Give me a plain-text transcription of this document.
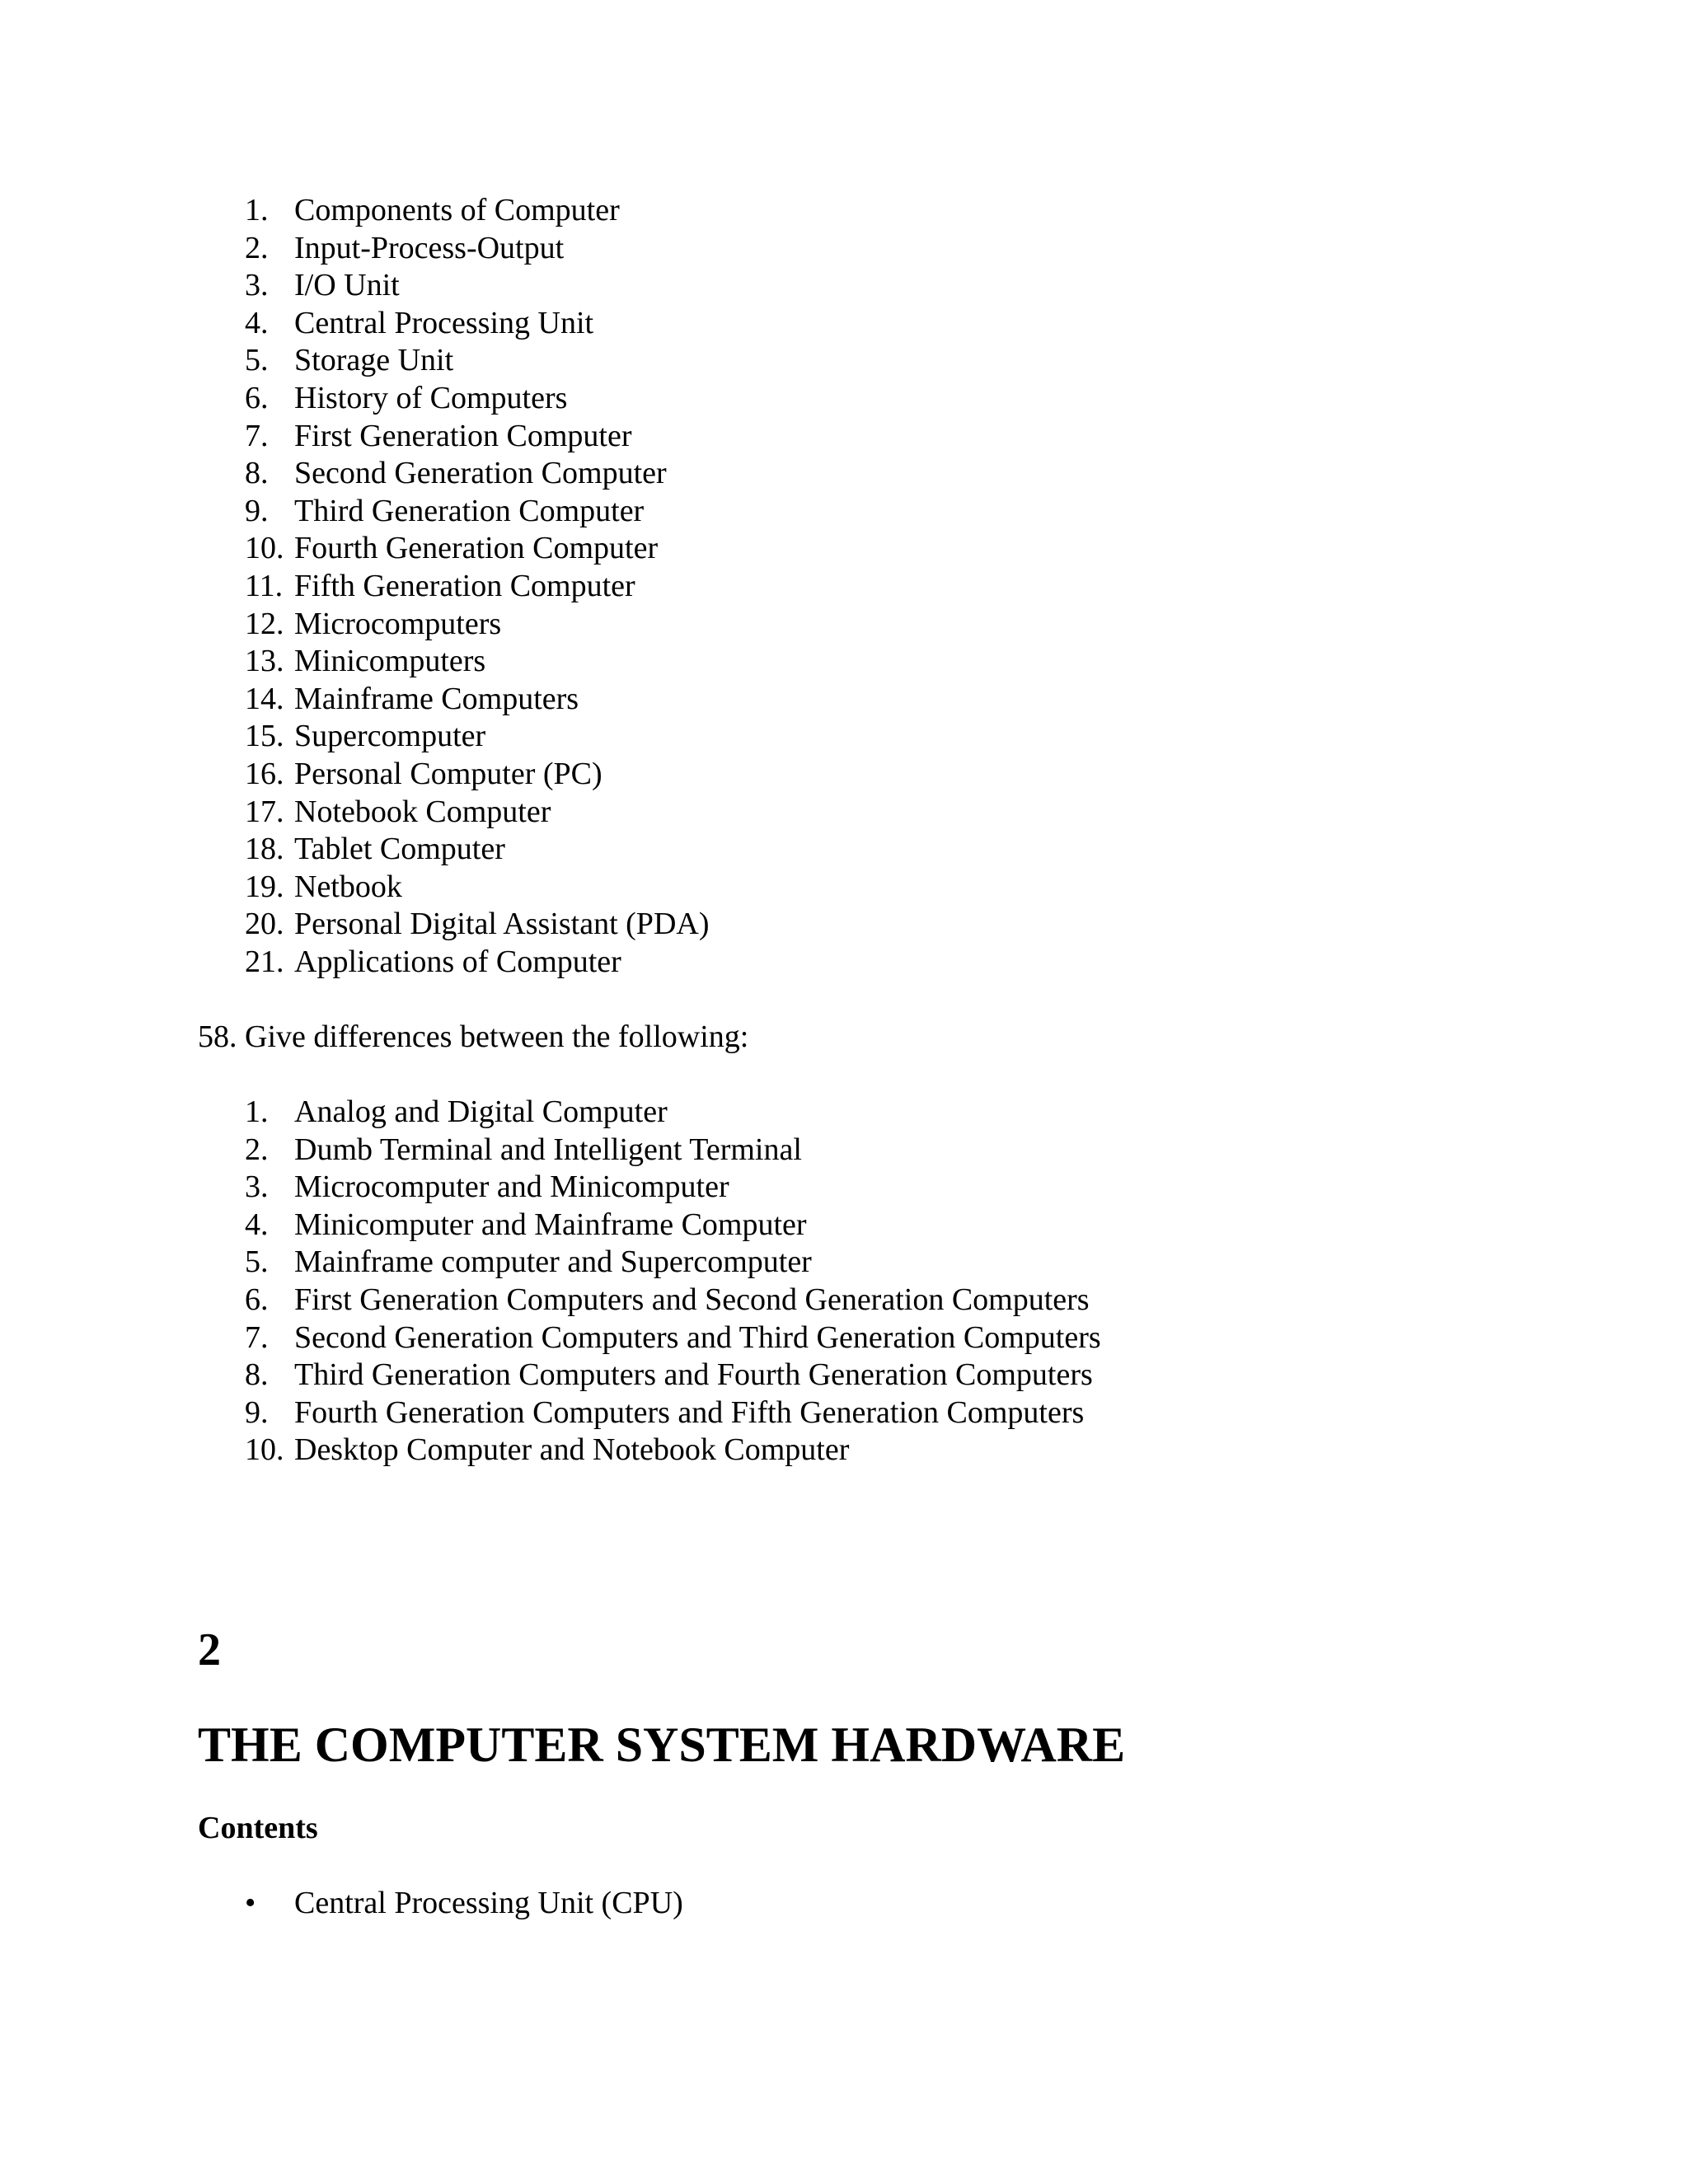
1. Components of Computer
2. Input-Process-Output
3. I/O Unit
4. Central Processing Unit
5. Storage Unit
6. History of Computers
7. First Generation Computer
8. Second Generation Computer
9. Third Generation Computer
10. Fourth Generation Computer
11. Fifth Generation Computer
12. Microcomputers
13. Minicomputers
14. Mainframe Computers
15. Supercomputer
16. Personal Computer (PC)
17. Notebook Computer
18. Tablet Computer
19. Netbook
20. Personal Digital Assistant (PDA)
21. Applications of Computer
58. Give differences between the following:
1. Analog and Digital Computer
2. Dumb Terminal and Intelligent Terminal
3. Microcomputer and Minicomputer
4. Minicomputer and Mainframe Computer
5. Mainframe computer and Supercomputer
6. First Generation Computers and Second Generation Computers
7. Second Generation Computers and Third Generation Computers
8. Third Generation Computers and Fourth Generation Computers
9. Fourth Generation Computers and Fifth Generation Computers
10. Desktop Computer and Notebook Computer
2
THE COMPUTER SYSTEM HARDWARE
Contents
• Central Processing Unit (CPU)
